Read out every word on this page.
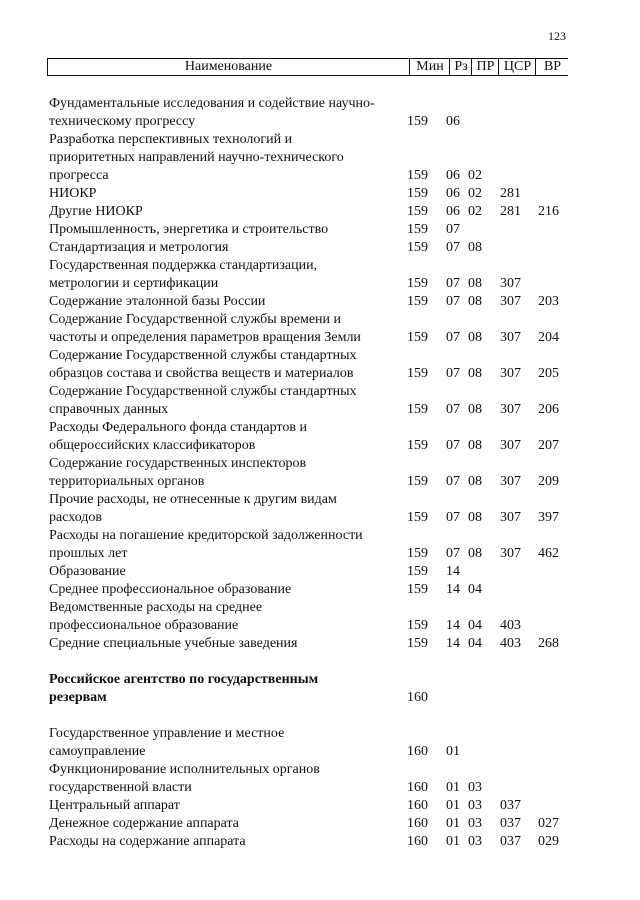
123
Наименование	Мин Рз ПР ЦСР ВР
Фундаментальные исследования и содействие научно-
техническому прогрессу	159 06
Разработка перспективных технологий и
приоритетных направлений научно-технического
прогресса	159 06 02
НИОКР	159 06 02 281
Другие НИОКР	159 06 02 281 216
Промышленность, энергетика и строительство	159 07
Стандартизация и метрология	159 07 08
Государственная поддержка стандартизации,
метрологии и сертификации	159 07 08 307
Содержание эталонной базы России	159 07 08 307 203
Содержание Государственной службы времени и
частоты и определения параметров вращения Земли	159 07 08 307 204
Содержание Государственной службы стандартных
образцов состава и свойства веществ и материалов	159 07 08 307 205
Содержание Государственной службы стандартных
справочных данных	159 07 08 307 206
Расходы Федерального фонда стандартов и
общероссийских классификаторов	159 07 08 307 207
Содержание государственных инспекторов
территориальных органов	159 07 08 307 209
Прочие расходы, не отнесенные к другим видам
расходов	159 07 08 307 397
Расходы на погашение кредиторской задолженности
прошлых лет	159 07 08 307 462
Образование	159 14
Среднее профессиональное образование	159 14 04
Ведомственные расходы на среднее
профессиональное образование	159 14 04 403
Средние специальные учебные заведения	159 14 04 403 268
Российское агентство по государственным
резервам	160
Государственное управление и местное
самоуправление	160 01
Функционирование исполнительных органов
государственной власти	160 01 03
Центральный аппарат	160 01 03 037
Денежное содержание аппарата	160 01 03 037 027
Расходы на содержание аппарата	160 01 03 037 029
